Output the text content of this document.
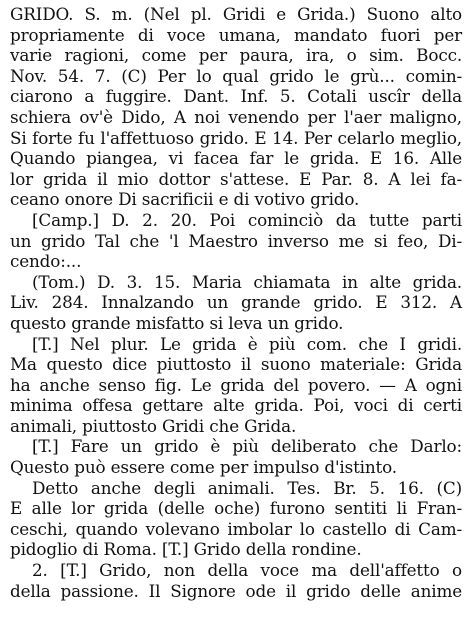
GRIDO. S. m. (Nel pl. Gridi e Grida.) Suono alto
propriamente di voce umana, mandato fuori per
varie ragioni, come per paura, ira, o sim. Bocc.
Nov. 54. 7. (C) Per lo qual grido le grù... comin-
ciarono a fuggire. Dant. Inf. 5. Cotali uscîr della
schiera ov'è Dido, A noi venendo per l'aer maligno,
Si forte fu l'affettuoso grido. E 14. Per celarlo meglio,
Quando piangea, vi facea far le grida. E 16. Alle
lor grida il mio dottor s'attese. E Par. 8. A lei fa-
ceano onore Di sacrificii e di votivo grido.
[Camp.] D. 2. 20. Poi cominciò da tutte parti
un grido Tal che 'l Maestro inverso me si feo, Di-
cendo:...
(Tom.) D. 3. 15. Maria chiamata in alte grida.
Liv. 284. Innalzando un grande grido. E 312. A
questo grande misfatto si leva un grido.
[T.] Nel plur. Le grida è più com. che I gridi.
Ma questo dice piuttosto il suono materiale: Grida
ha anche senso fig. Le grida del povero. — A ogni
minima offesa gettare alte grida. Poi, voci di certi
animali, piuttosto Gridi che Grida.
[T.] Fare un grido è più deliberato che Darlo:
Questo può essere come per impulso d'istinto.
Detto anche degli animali. Tes. Br. 5. 16. (C)
E alle lor grida (delle oche) furono sentiti li Fran-
ceschi, quando volevano imbolar lo castello di Cam-
pidoglio di Roma. [T.] Grido della rondine.
2. [T.] Grido, non della voce ma dell'affetto o
della passione. Il Signore ode il grido delle anime
